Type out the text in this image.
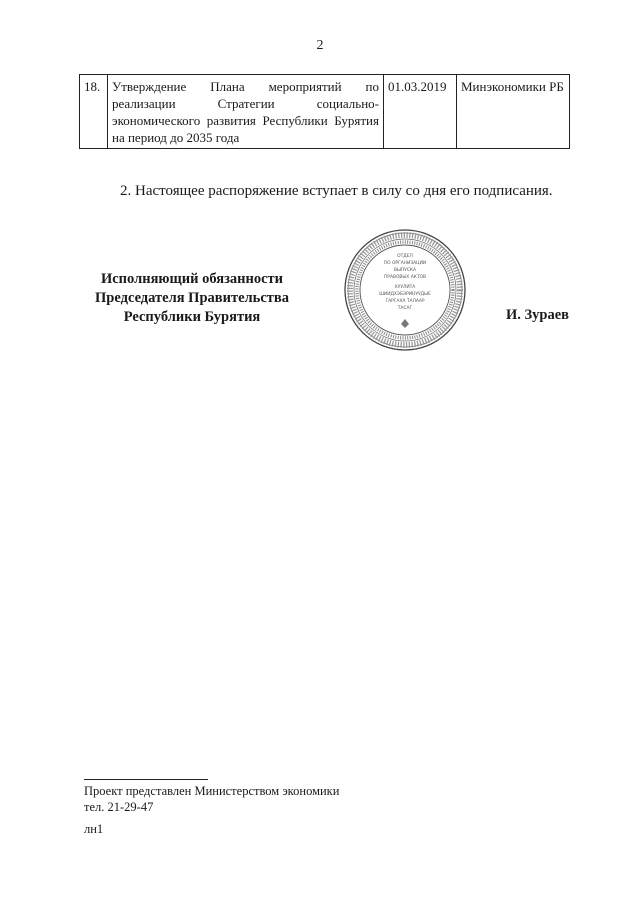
2
18.	Утверждение Плана мероприятий по реализации Стратегии социально-экономического развития Республики Бурятия на период до 2035 года	01.03.2019	Минэкономики РБ
2. Настоящее распоряжение вступает в силу со дня его подписания.
Исполняющий обязанности
Председателя Правительства
Республики Бурятия
ОТДЕЛ
ПО ОРГАНИЗАЦИИ
ВЫПУСКА
ПРАВОВЫХ АКТОВ
ХУУЛИТА
ШИИДХЭБЭРИНУУДЫЕ
ГАРГАХА ТАЛААР
ТАСАГ	И. Зураев
Проект представлен Министерством экономики
тел. 21-29-47
лн1
